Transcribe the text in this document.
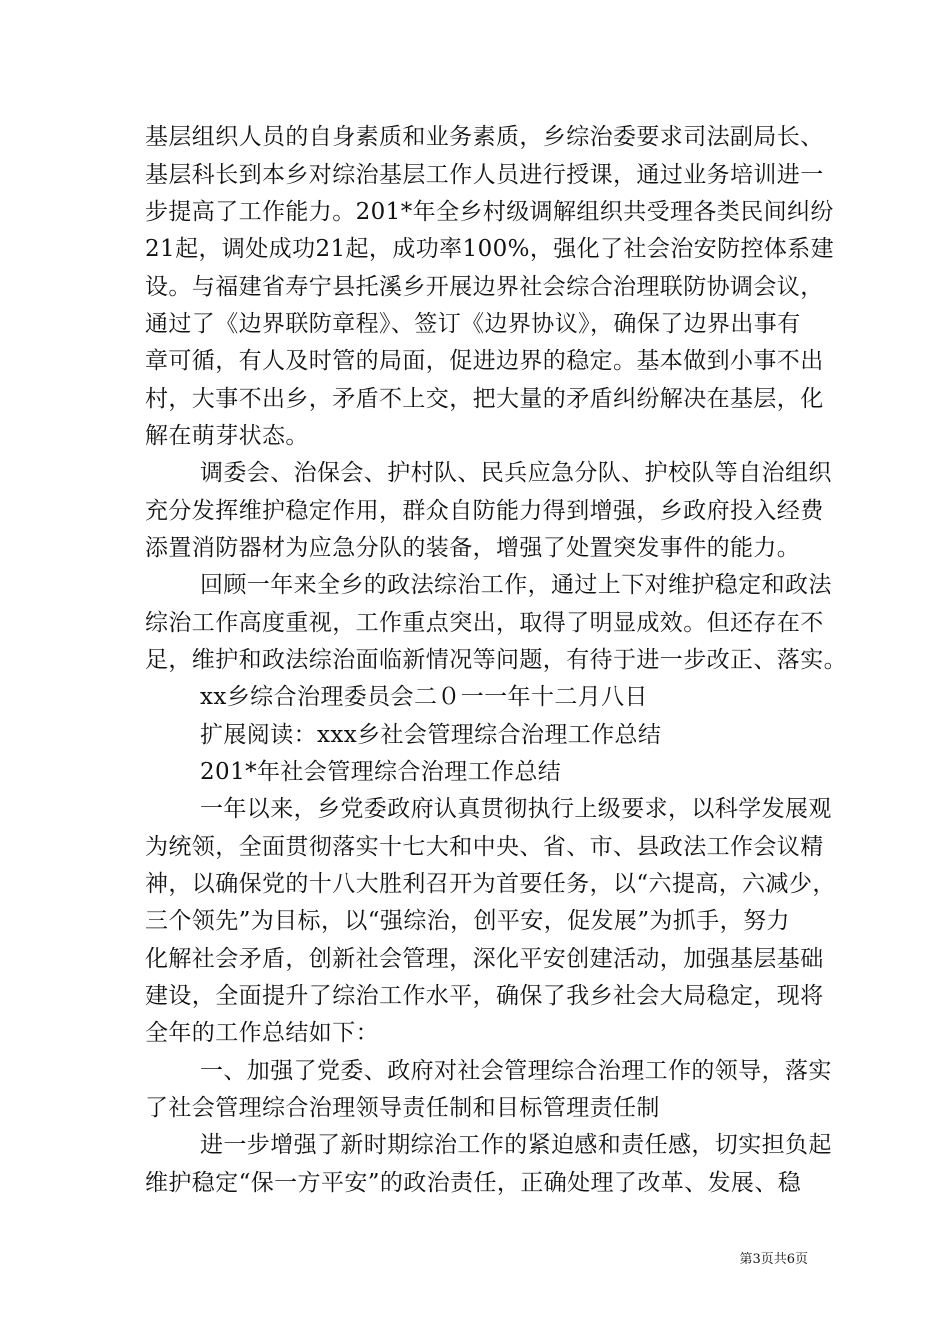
基层组织人员的自身素质和业务素质，乡综治委要求司法副局长、
基层科长到本乡对综治基层工作人员进行授课，通过业务培训进一
步提高了工作能力。201*年全乡村级调解组织共受理各类民间纠纷
21起，调处成功21起，成功率100%，强化了社会治安防控体系建
设。与福建省寿宁县托溪乡开展边界社会综合治理联防协调会议，
通过了《边界联防章程》、签订《边界协议》，确保了边界出事有
章可循，有人及时管的局面，促进边界的稳定。基本做到小事不出
村，大事不出乡，矛盾不上交，把大量的矛盾纠纷解决在基层，化
解在萌芽状态。
调委会、治保会、护村队、民兵应急分队、护校队等自治组织
充分发挥维护稳定作用，群众自防能力得到增强，乡政府投入经费
添置消防器材为应急分队的装备，增强了处置突发事件的能力。
回顾一年来全乡的政法综治工作，通过上下对维护稳定和政法
综治工作高度重视，工作重点突出，取得了明显成效。但还存在不
足，维护和政法综治面临新情况等问题，有待于进一步改正、落实。
xx乡综合治理委员会二０一一年十二月八日
扩展阅读：xxx乡社会管理综合治理工作总结
201*年社会管理综合治理工作总结
一年以来，乡党委政府认真贯彻执行上级要求，以科学发展观
为统领，全面贯彻落实十七大和中央、省、市、县政法工作会议精
神，以确保党的十八大胜利召开为首要任务，以“六提高，六减少，
三个领先”为目标，以“强综治，创平安，促发展”为抓手，努力
化解社会矛盾，创新社会管理，深化平安创建活动，加强基层基础
建设，全面提升了综治工作水平，确保了我乡社会大局稳定，现将
全年的工作总结如下：
一、加强了党委、政府对社会管理综合治理工作的领导，落实
了社会管理综合治理领导责任制和目标管理责任制
进一步增强了新时期综治工作的紧迫感和责任感，切实担负起
维护稳定“保一方平安”的政治责任，正确处理了改革、发展、稳
第3页共6页
